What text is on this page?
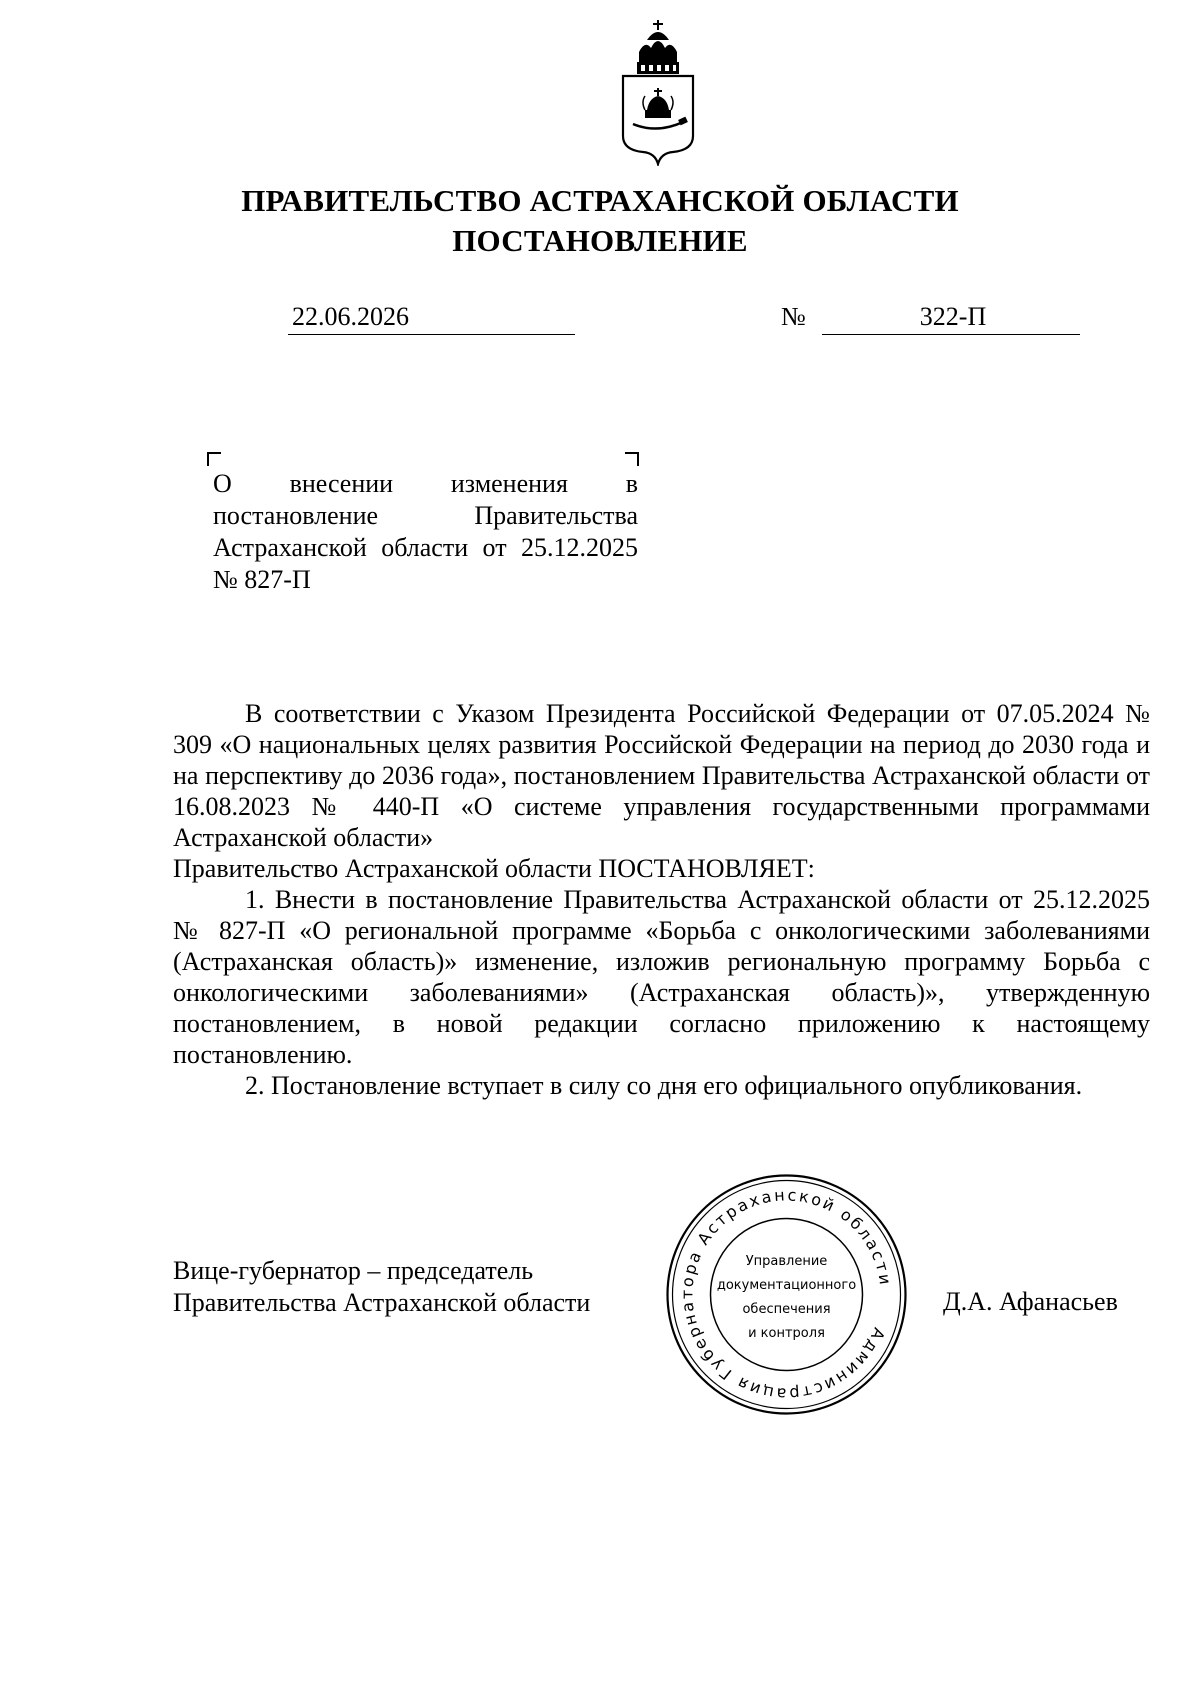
ПРАВИТЕЛЬСТВО АСТРАХАНСКОЙ ОБЛАСТИ
ПОСТАНОВЛЕНИЕ
22.06.2026	№	322-П
О внесении изменения в постановление Правительства Астраханской области от 25.12.2025 № 827-П

В соответствии с Указом Президента Российской Федерации от 07.05.2024 № 309 «О национальных целях развития Российской Федерации на период до 2030 года и на перспективу до 2036 года», постановлением Правительства Астраханской области от 16.08.2023 № 440-П «О системе управления государственными программами Астраханской области»

Правительство Астраханской области ПОСТАНОВЛЯЕТ:

1. Внести в постановление Правительства Астраханской области от 25.12.2025 № 827-П «О региональной программе «Борьба с онкологическими заболеваниями (Астраханская область)» изменение, изложив региональную программу Борьба с онкологическими заболеваниями» (Астраханская область)», утвержденную постановлением, в новой редакции согласно приложению к настоящему постановлению.

2. Постановление вступает в силу со дня его официального опубликования.

Вице-губернатор – председатель
Правительства Астраханской области	Д.А. Афанасьев
Администрация Губернатора Астраханской области
Управление
документационного
обеспечения
и контроля
